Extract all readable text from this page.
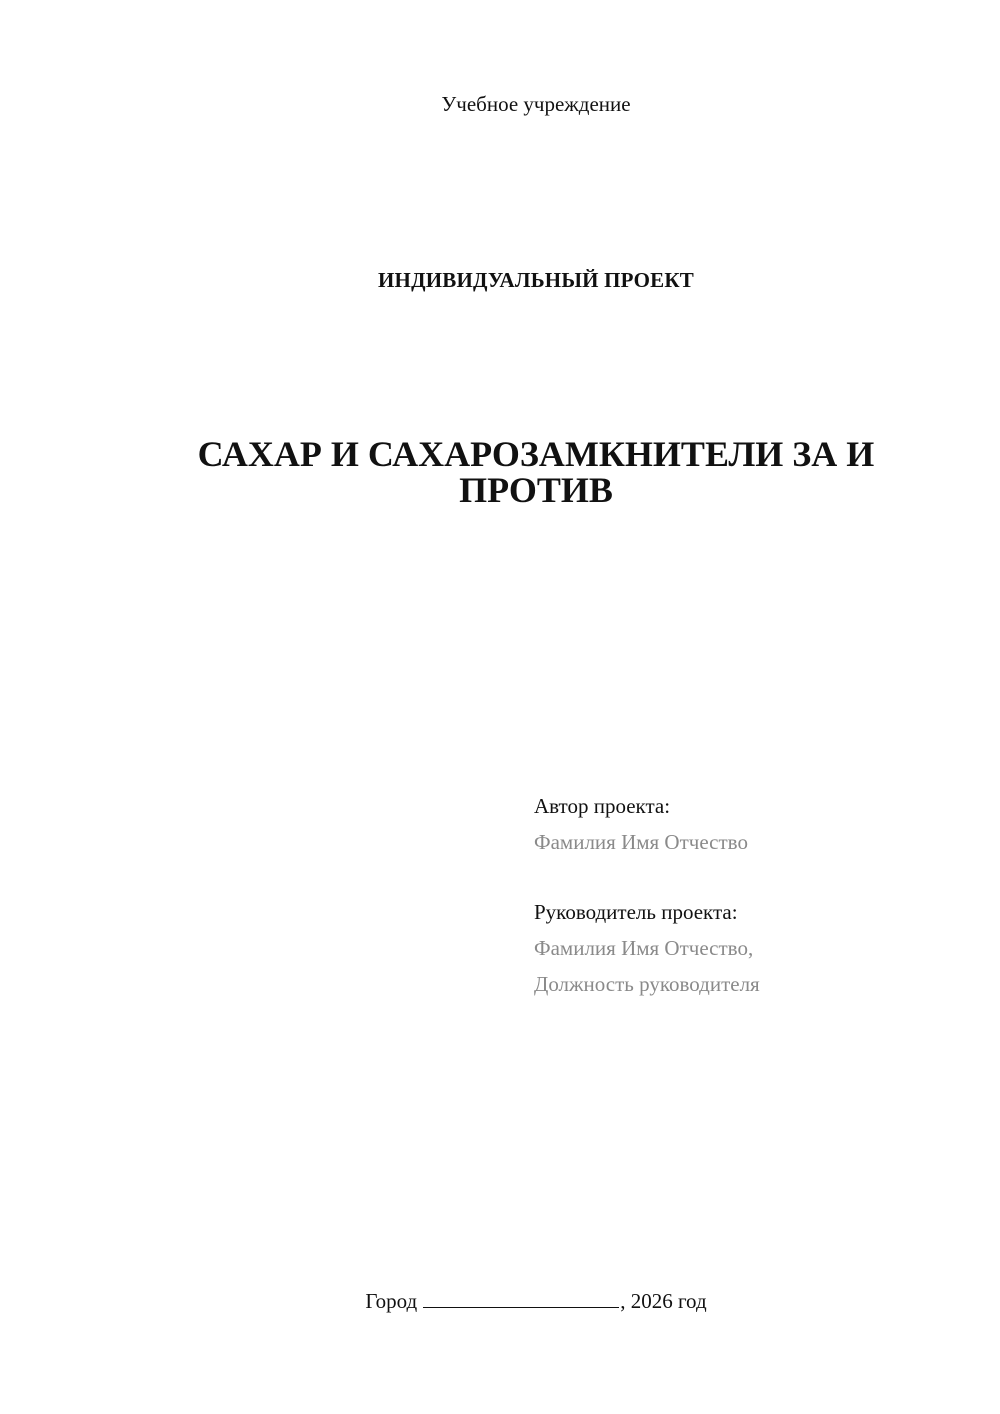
Учебное учреждение
ИНДИВИДУАЛЬНЫЙ ПРОЕКТ
САХАР И САХАРОЗАМКНИТЕЛИ ЗА И
ПРОТИВ
Автор проекта:
Фамилия Имя Отчество
Руководитель проекта:
Фамилия Имя Отчество,
Должность руководителя
Город	, 2026 год
